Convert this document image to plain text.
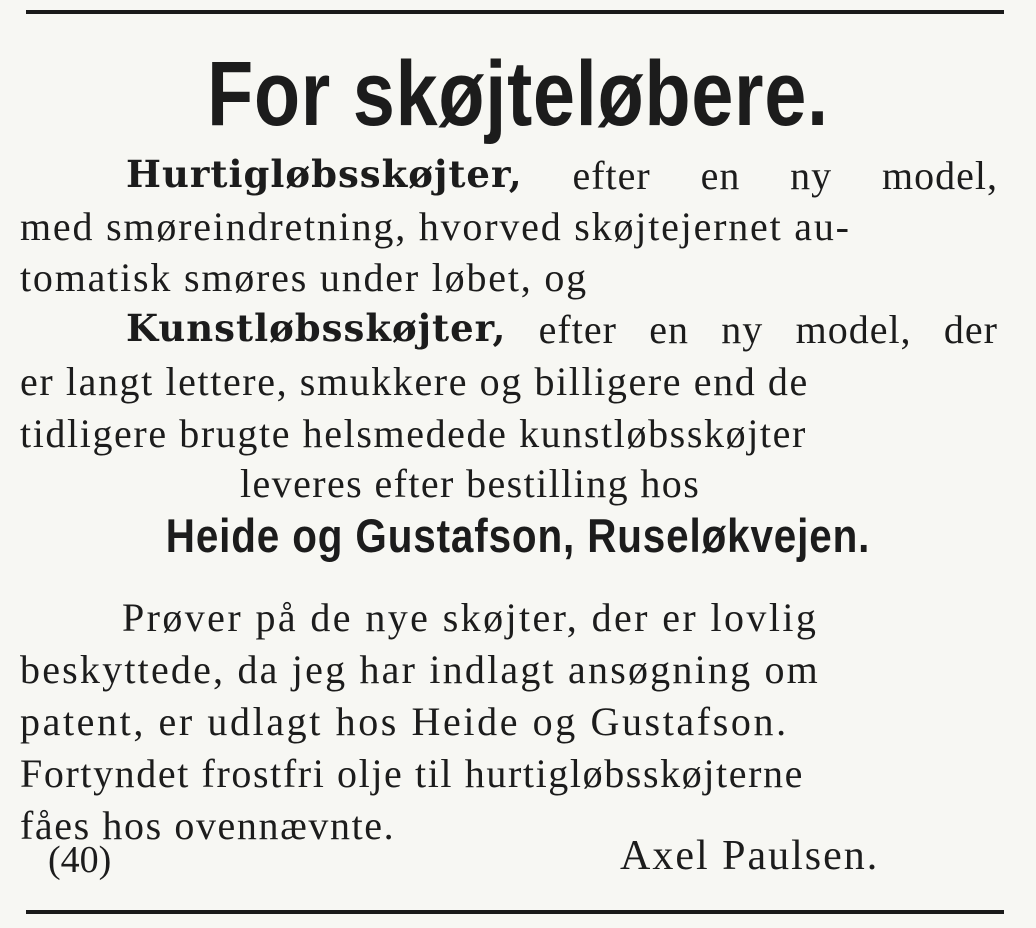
For skøjteløbere.
Hurtigløbsskøjter, efter en ny model,
med smøreindretning, hvorved skøjtejernet au-
tomatisk smøres under løbet, og
Kunstløbsskøjter, efter en ny model, der
er langt lettere, smukkere og billigere end de
tidligere brugte helsmedede kunstløbsskøjter
leveres efter bestilling hos
Heide og Gustafson, Ruseløkvejen.
Prøver på de nye skøjter, der er lovlig
beskyttede, da jeg har indlagt ansøgning om
patent, er udlagt hos Heide og Gustafson.
Fortyndet frostfri olje til hurtigløbsskøjterne
fåes hos ovennævnte.
(40)	Axel Paulsen.
